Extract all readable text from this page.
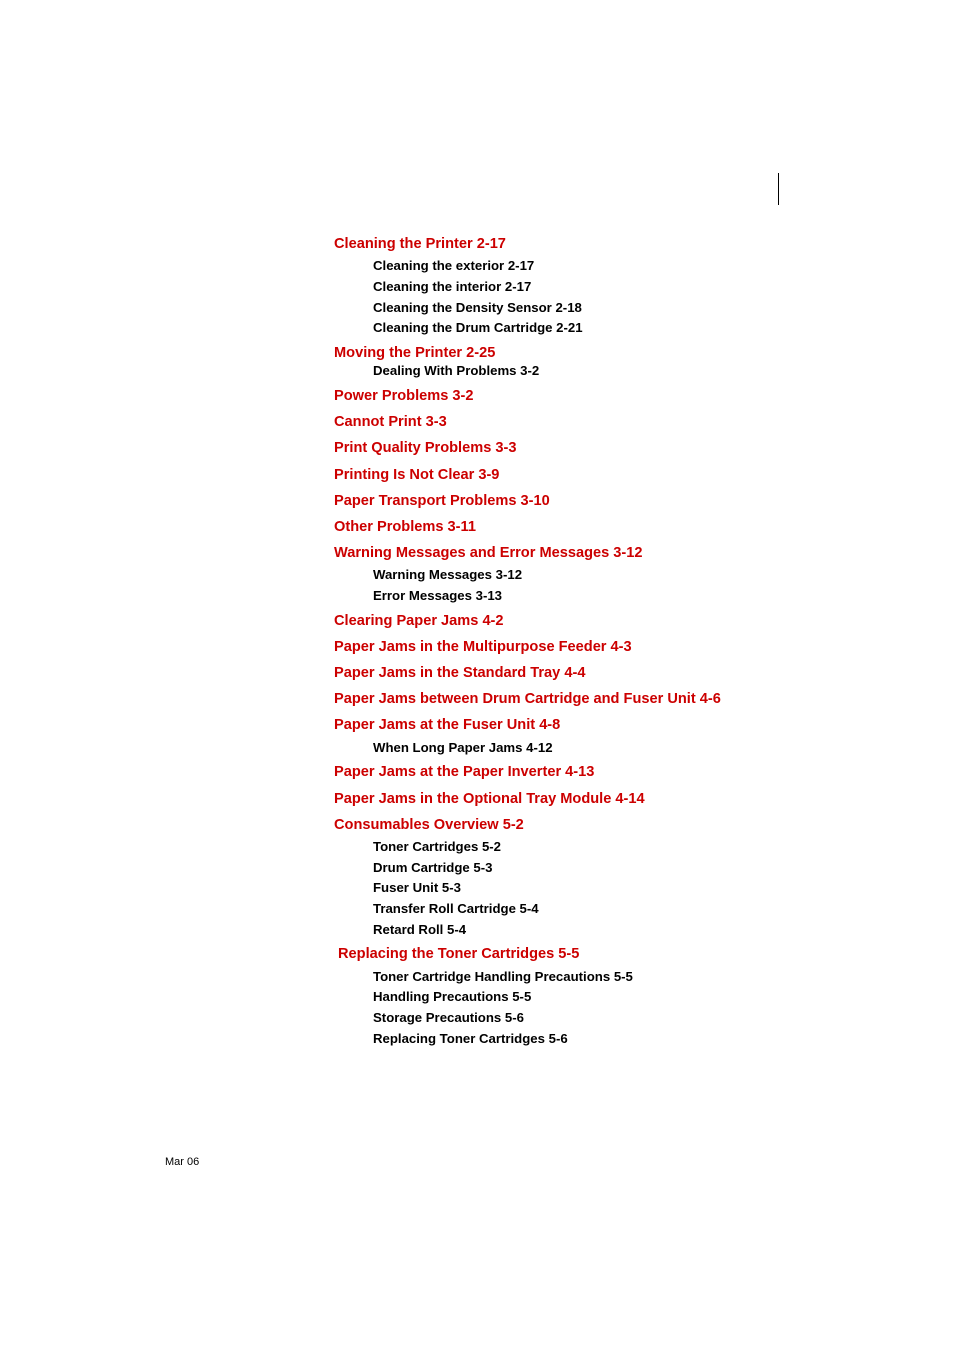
Cleaning the Printer 2-17
Cleaning the exterior 2-17
Cleaning the interior 2-17
Cleaning the Density Sensor 2-18
Cleaning the Drum Cartridge 2-21
Moving the Printer 2-25
Dealing With Problems 3-2
Power Problems 3-2
Cannot Print 3-3
Print Quality Problems 3-3
Printing Is Not Clear 3-9
Paper Transport Problems 3-10
Other Problems 3-11
Warning Messages and Error Messages 3-12
Warning Messages 3-12
Error Messages 3-13
Clearing Paper Jams 4-2
Paper Jams in the Multipurpose Feeder 4-3
Paper Jams in the Standard Tray 4-4
Paper Jams between Drum Cartridge and Fuser Unit 4-6
Paper Jams at the Fuser Unit 4-8
When Long Paper Jams 4-12
Paper Jams at the Paper Inverter 4-13
Paper Jams in the Optional Tray Module 4-14
Consumables Overview 5-2
Toner Cartridges 5-2
Drum Cartridge 5-3
Fuser Unit 5-3
Transfer Roll Cartridge 5-4
Retard Roll 5-4
Replacing the Toner Cartridges 5-5
Toner Cartridge Handling Precautions 5-5
Handling Precautions 5-5
Storage Precautions 5-6
Replacing Toner Cartridges 5-6
Mar 06
